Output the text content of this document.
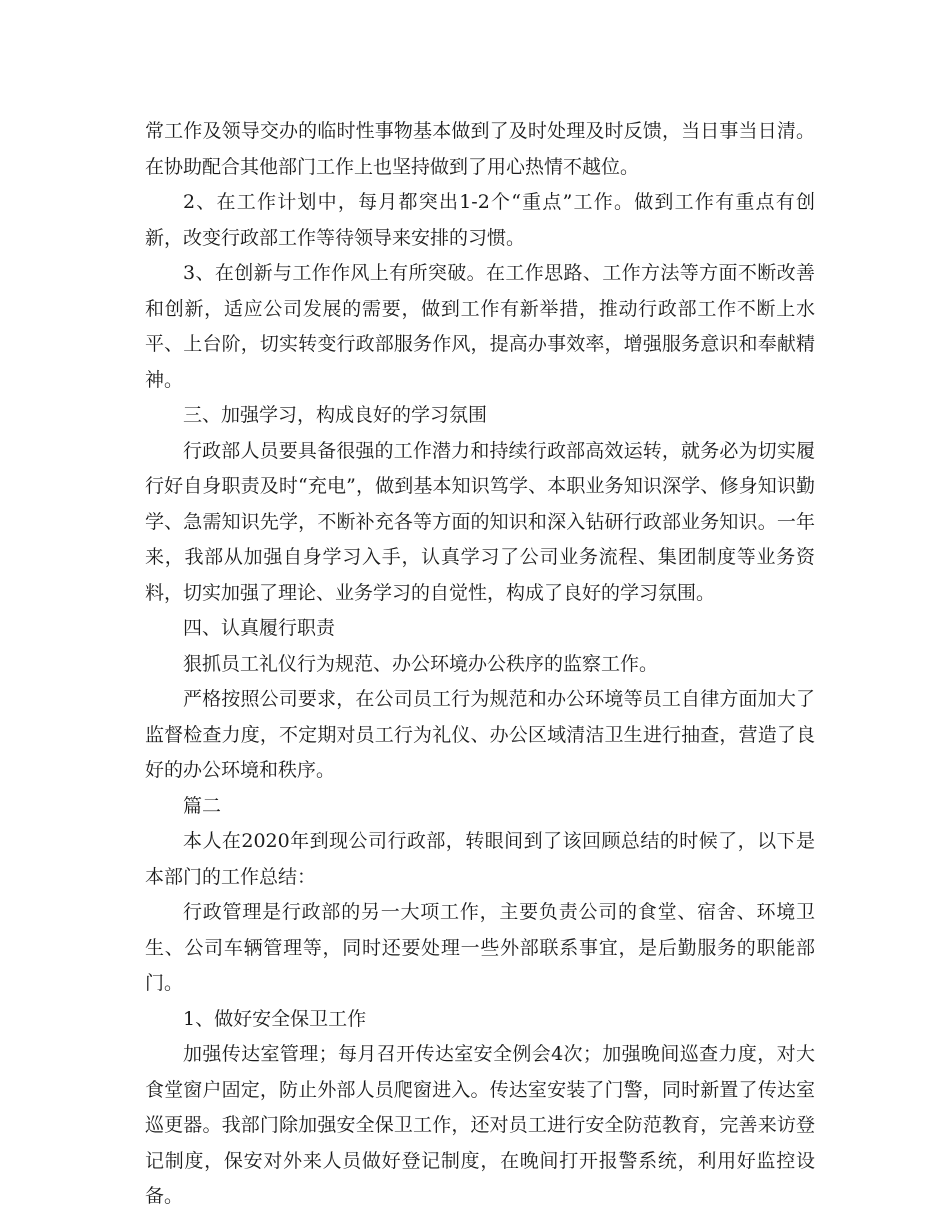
常工作及领导交办的临时性事物基本做到了及时处理及时反馈，当日事当日清。在协助配合其他部门工作上也坚持做到了用心热情不越位。

2、在工作计划中，每月都突出1-2个“重点”工作。做到工作有重点有创新，改变行政部工作等待领导来安排的习惯。

3、在创新与工作作风上有所突破。在工作思路、工作方法等方面不断改善和创新，适应公司发展的需要，做到工作有新举措，推动行政部工作不断上水平、上台阶，切实转变行政部服务作风，提高办事效率，增强服务意识和奉献精神。

三、加强学习，构成良好的学习氛围

行政部人员要具备很强的工作潜力和持续行政部高效运转，就务必为切实履行好自身职责及时“充电”，做到基本知识笃学、本职业务知识深学、修身知识勤学、急需知识先学，不断补充各等方面的知识和深入钻研行政部业务知识。一年来，我部从加强自身学习入手，认真学习了公司业务流程、集团制度等业务资料，切实加强了理论、业务学习的自觉性，构成了良好的学习氛围。

四、认真履行职责

狠抓员工礼仪行为规范、办公环境办公秩序的监察工作。

严格按照公司要求，在公司员工行为规范和办公环境等员工自律方面加大了监督检查力度，不定期对员工行为礼仪、办公区域清洁卫生进行抽查，营造了良好的办公环境和秩序。

篇二

本人在2020年到现公司行政部，转眼间到了该回顾总结的时候了，以下是本部门的工作总结：

行政管理是行政部的另一大项工作，主要负责公司的食堂、宿舍、环境卫生、公司车辆管理等，同时还要处理一些外部联系事宜，是后勤服务的职能部门。

1、做好安全保卫工作

加强传达室管理；每月召开传达室安全例会4次；加强晚间巡查力度，对大食堂窗户固定，防止外部人员爬窗进入。传达室安装了门警，同时新置了传达室巡更器。我部门除加强安全保卫工作，还对员工进行安全防范教育，完善来访登记制度，保安对外来人员做好登记制度，在晚间打开报警系统，利用好监控设备。
